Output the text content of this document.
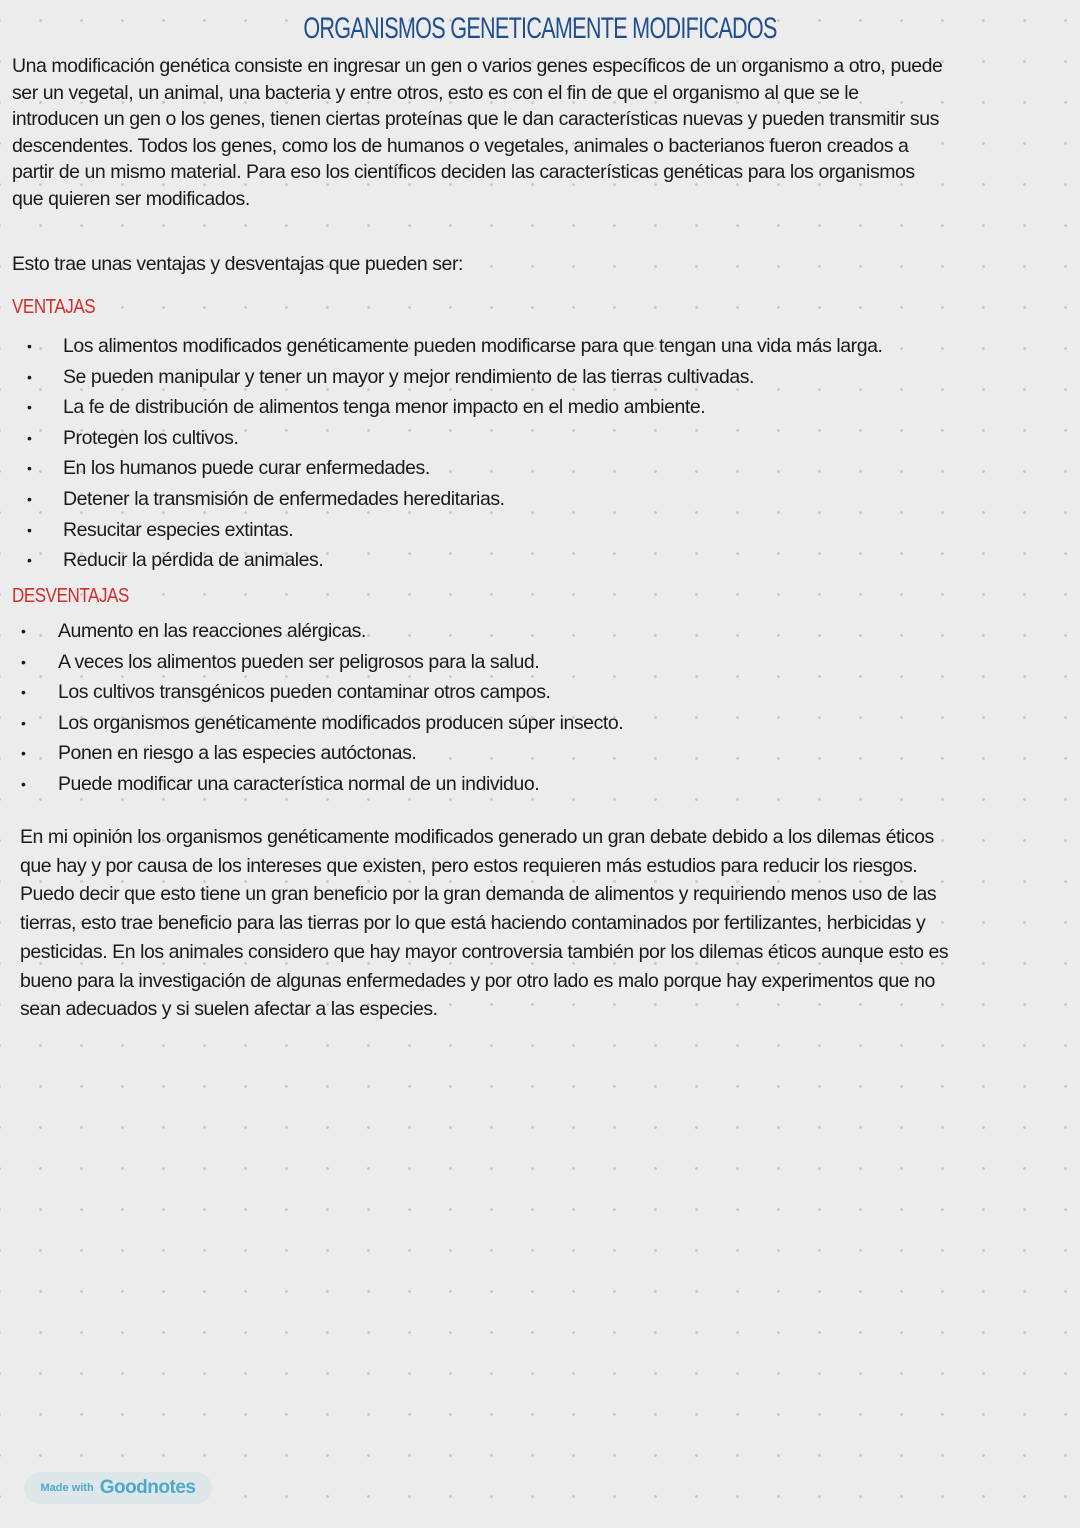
ORGANISMOS GENETICAMENTE MODIFICADOS
Una modificación genética consiste en ingresar un gen o varios genes específicos de un organismo a otro, puede
ser un vegetal, un animal, una bacteria y entre otros, esto es con el fin de que el organismo al que se le
introducen un gen o los genes, tienen ciertas proteínas que le dan características nuevas y pueden transmitir sus
descendentes. Todos los genes, como los de humanos o vegetales, animales o bacterianos fueron creados a
partir de un mismo material. Para eso los científicos deciden las características genéticas para los organismos
que quieren ser modificados.
Esto trae unas ventajas y desventajas que pueden ser:
VENTAJAS
• Los alimentos modificados genéticamente pueden modificarse para que tengan una vida más larga.
• Se pueden manipular y tener un mayor y mejor rendimiento de las tierras cultivadas.
• La fe de distribución de alimentos tenga menor impacto en el medio ambiente.
• Protegen los cultivos.
• En los humanos puede curar enfermedades.
• Detener la transmisión de enfermedades hereditarias.
• Resucitar especies extintas.
• Reducir la pérdida de animales.
DESVENTAJAS
• Aumento en las reacciones alérgicas.
• A veces los alimentos pueden ser peligrosos para la salud.
• Los cultivos transgénicos pueden contaminar otros campos.
• Los organismos genéticamente modificados producen súper insecto.
• Ponen en riesgo a las especies autóctonas.
• Puede modificar una característica normal de un individuo.
En mi opinión los organismos genéticamente modificados generado un gran debate debido a los dilemas éticos
que hay y por causa de los intereses que existen, pero estos requieren más estudios para reducir los riesgos.
Puedo decir que esto tiene un gran beneficio por la gran demanda de alimentos y requiriendo menos uso de las
tierras, esto trae beneficio para las tierras por lo que está haciendo contaminados por fertilizantes, herbicidas y
pesticidas. En los animales considero que hay mayor controversia también por los dilemas éticos aunque esto es
bueno para la investigación de algunas enfermedades y por otro lado es malo porque hay experimentos que no
sean adecuados y si suelen afectar a las especies.
Made with Goodnotes
